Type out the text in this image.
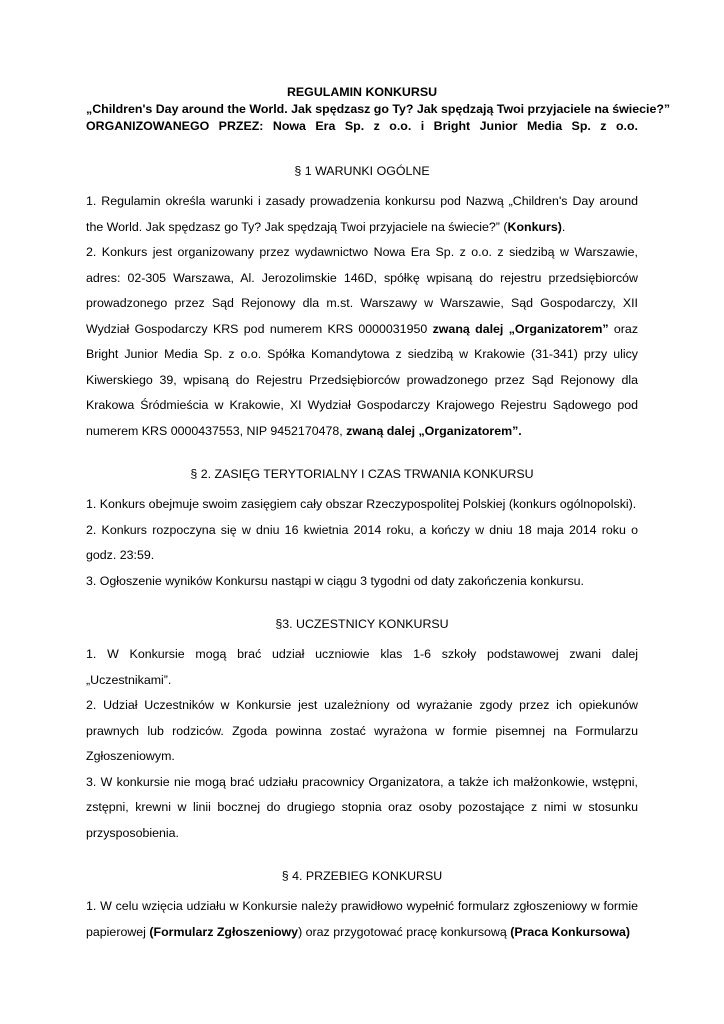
REGULAMIN KONKURSU
„Children's Day around the World. Jak spędzasz go Ty? Jak spędzają Twoi przyjaciele na świecie?”
ORGANIZOWANEGO PRZEZ: Nowa Era Sp. z o.o. i Bright Junior Media Sp. z o.o.

§ 1 WARUNKI OGÓLNE

1. Regulamin określa warunki i zasady prowadzenia konkursu pod Nazwą „Children's Day around the World. Jak spędzasz go Ty? Jak spędzają Twoi przyjaciele na świecie?” (Konkurs).

2. Konkurs jest organizowany przez wydawnictwo Nowa Era Sp. z o.o. z siedzibą w Warszawie, adres: 02-305 Warszawa, Al. Jerozolimskie 146D, spółkę wpisaną do rejestru przedsiębiorców prowadzonego przez Sąd Rejonowy dla m.st. Warszawy w Warszawie, Sąd Gospodarczy, XII Wydział Gospodarczy KRS pod numerem KRS 0000031950 zwaną dalej „Organizatorem” oraz Bright Junior Media Sp. z o.o. Spółka Komandytowa z siedzibą w Krakowie (31-341) przy ulicy Kiwerskiego 39, wpisaną do Rejestru Przedsiębiorców prowadzonego przez Sąd Rejonowy dla Krakowa Śródmieścia w Krakowie, XI Wydział Gospodarczy Krajowego Rejestru Sądowego pod numerem KRS 0000437553, NIP 9452170478, zwaną dalej „Organizatorem”.

§ 2. ZASIĘG TERYTORIALNY I CZAS TRWANIA KONKURSU

1. Konkurs obejmuje swoim zasięgiem cały obszar Rzeczypospolitej Polskiej (konkurs ogólnopolski).

2. Konkurs rozpoczyna się w dniu 16 kwietnia 2014 roku, a kończy w dniu 18 maja 2014 roku o godz. 23:59.

3. Ogłoszenie wyników Konkursu nastąpi w ciągu 3 tygodni od daty zakończenia konkursu.

§3. UCZESTNICY KONKURSU

1. W Konkursie mogą brać udział uczniowie klas 1-6 szkoły podstawowej zwani dalej „Uczestnikami”.

2. Udział Uczestników w Konkursie jest uzależniony od wyrażanie zgody przez ich opiekunów prawnych lub rodziców. Zgoda powinna zostać wyrażona w formie pisemnej na Formularzu Zgłoszeniowym.

3. W konkursie nie mogą brać udziału pracownicy Organizatora, a także ich małżonkowie, wstępni, zstępni, krewni w linii bocznej do drugiego stopnia oraz osoby pozostające z nimi w stosunku przysposobienia.

§ 4. PRZEBIEG KONKURSU

1. W celu wzięcia udziału w Konkursie należy prawidłowo wypełnić formularz zgłoszeniowy w formie papierowej (Formularz Zgłoszeniowy) oraz przygotować pracę konkursową (Praca Konkursowa)
